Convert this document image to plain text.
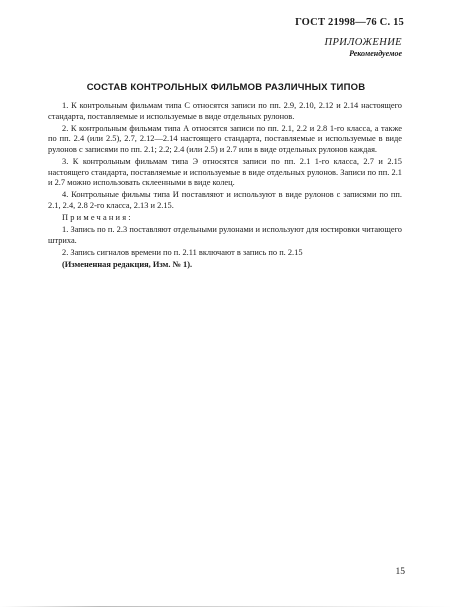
ГОСТ 21998—76 С. 15
ПРИЛОЖЕНИЕ
Рекомендуемое
СОСТАВ КОНТРОЛЬНЫХ ФИЛЬМОВ РАЗЛИЧНЫХ ТИПОВ

1. К контрольным фильмам типа С относятся записи по пп. 2.9, 2.10, 2.12 и 2.14 настоящего стандарта, поставляемые и используемые в виде отдельных рулонов.

2. К контрольным фильмам типа А относятся записи по пп. 2.1, 2.2 и 2.8 1-го класса, а также по пп. 2.4 (или 2.5), 2.7, 2.12—2.14 настоящего стандарта, поставляемые и используемые в виде рулонов с записями по пп. 2.1; 2.2; 2.4 (или 2.5) и 2.7 или в виде отдельных рулонов каждая.

3. К контрольным фильмам типа Э относятся записи по пп. 2.1 1-го класса, 2.7 и 2.15 настоящего стандарта, поставляемые и используемые в виде отдельных рулонов. Записи по пп. 2.1 и 2.7 можно использовать склеенными в виде колец.

4. Контрольные фильмы типа И поставляют и используют в виде рулонов с записями по пп. 2.1, 2.4, 2.8 2-го класса, 2.13 и 2.15.

Примечания:

1. Запись по п. 2.3 поставляют отдельными рулонами и используют для юстировки читающего штриха.

2. Запись сигналов времени по п. 2.11 включают в запись по п. 2.15

(Измененная редакция, Изм. № 1).

15
